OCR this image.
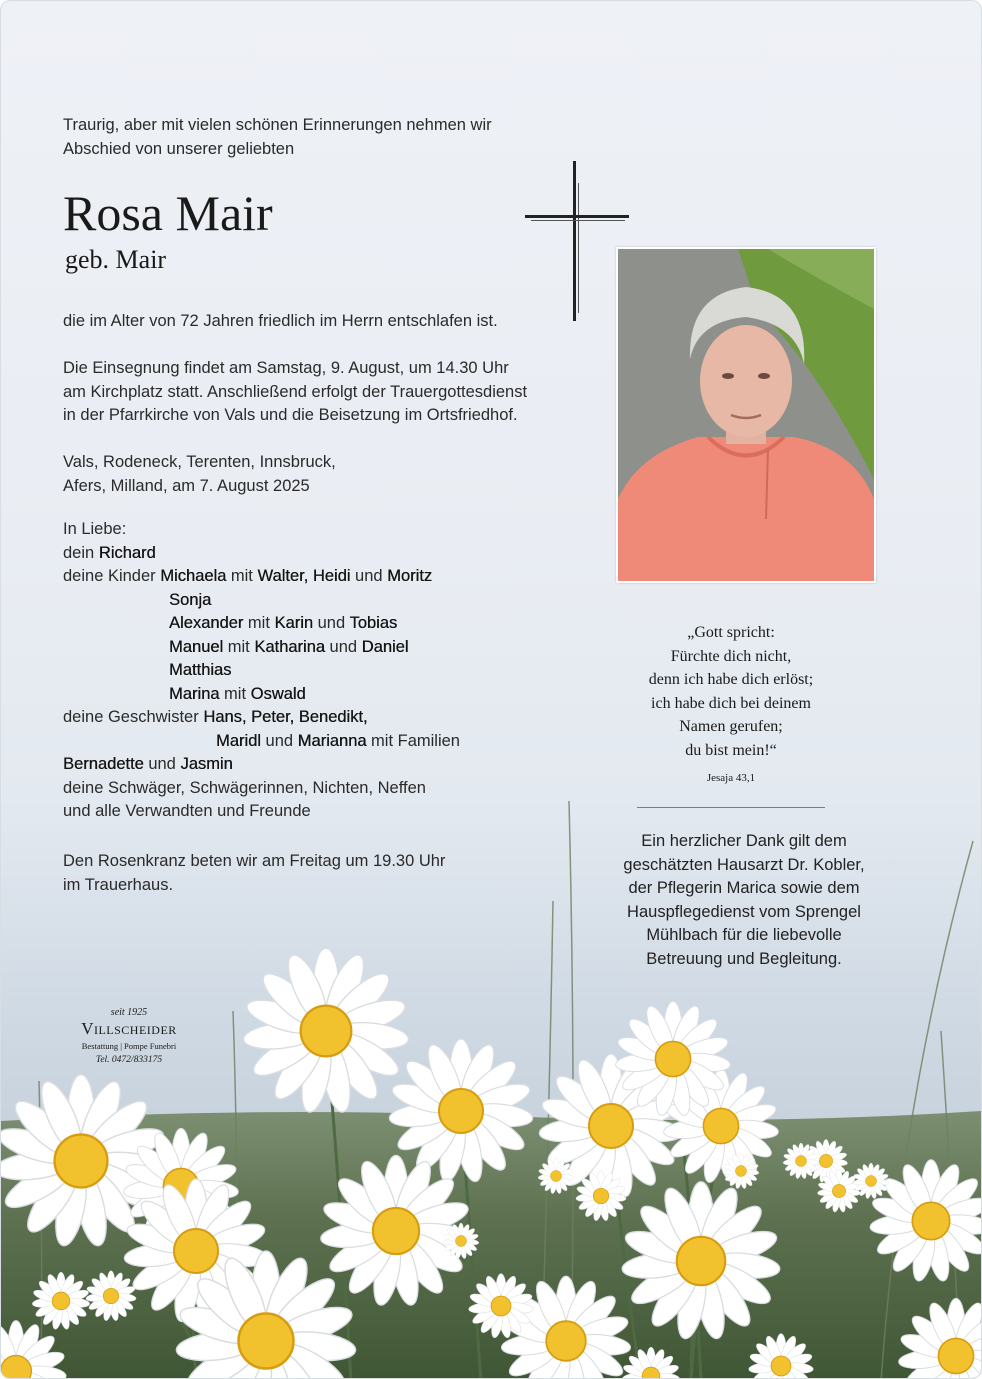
Traurig, aber mit vielen schönen Erinnerungen nehmen wir
Abschied von unserer geliebten
Rosa Mair
geb. Mair
die im Alter von 72 Jahren friedlich im Herrn entschlafen ist.
Die Einsegnung findet am Samstag, 9. August, um 14.30 Uhr
am Kirchplatz statt. Anschließend erfolgt der Trauergottesdienst
in der Pfarrkirche von Vals und die Beisetzung im Ortsfriedhof.
Vals, Rodeneck, Terenten, Innsbruck,
Afers, Milland, am 7. August 2025
In Liebe:
dein Richard
deine Kinder Michaela mit Walter, Heidi und Moritz
Sonja
Alexander mit Karin und Tobias
Manuel mit Katharina und Daniel
Matthias
Marina mit Oswald
deine Geschwister Hans, Peter, Benedikt,
Maridl und Marianna mit Familien
Bernadette und Jasmin
deine Schwäger, Schwägerinnen, Nichten, Neffen
und alle Verwandten und Freunde
Den Rosenkranz beten wir am Freitag um 19.30 Uhr
im Trauerhaus.
„Gott spricht:
Fürchte dich nicht,
denn ich habe dich erlöst;
ich habe dich bei deinem
Namen gerufen;
du bist mein!“
Jesaja 43,1
Ein herzlicher Dank gilt dem
geschätzten Hausarzt Dr. Kobler,
der Pflegerin Marica sowie dem
Hauspflegedienst vom Sprengel
Mühlbach für die liebevolle
Betreuung und Begleitung.
seit 1925
Villscheider
Bestattung | Pompe Funebri
Tel. 0472/833175
